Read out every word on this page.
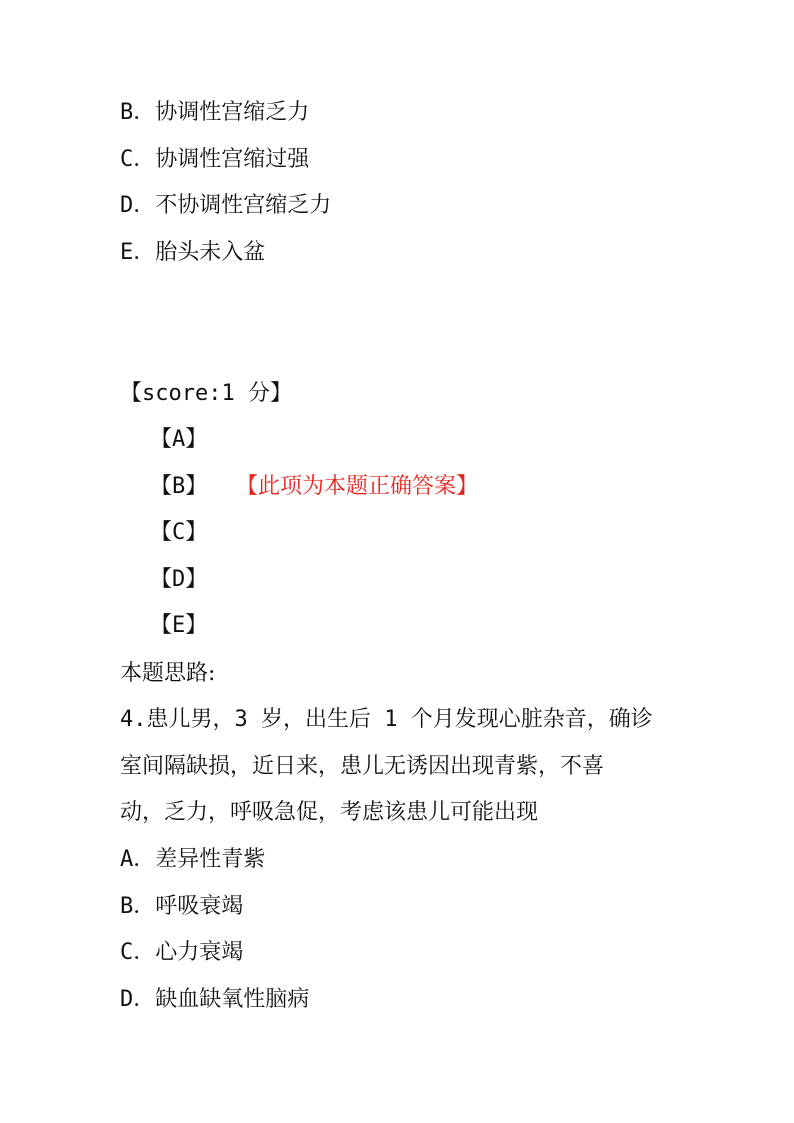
B．协调性宫缩乏力
C．协调性宫缩过强
D．不协调性宫缩乏力
E．胎头未入盆
【score:1 分】
【A】
【B】 【此项为本题正确答案】
【C】
【D】
【E】
本题思路:
4.患儿男，3 岁，出生后 1 个月发现心脏杂音，确诊
室间隔缺损，近日来，患儿无诱因出现青紫，不喜
动，乏力，呼吸急促，考虑该患儿可能出现
A．差异性青紫
B．呼吸衰竭
C．心力衰竭
D．缺血缺氧性脑病
